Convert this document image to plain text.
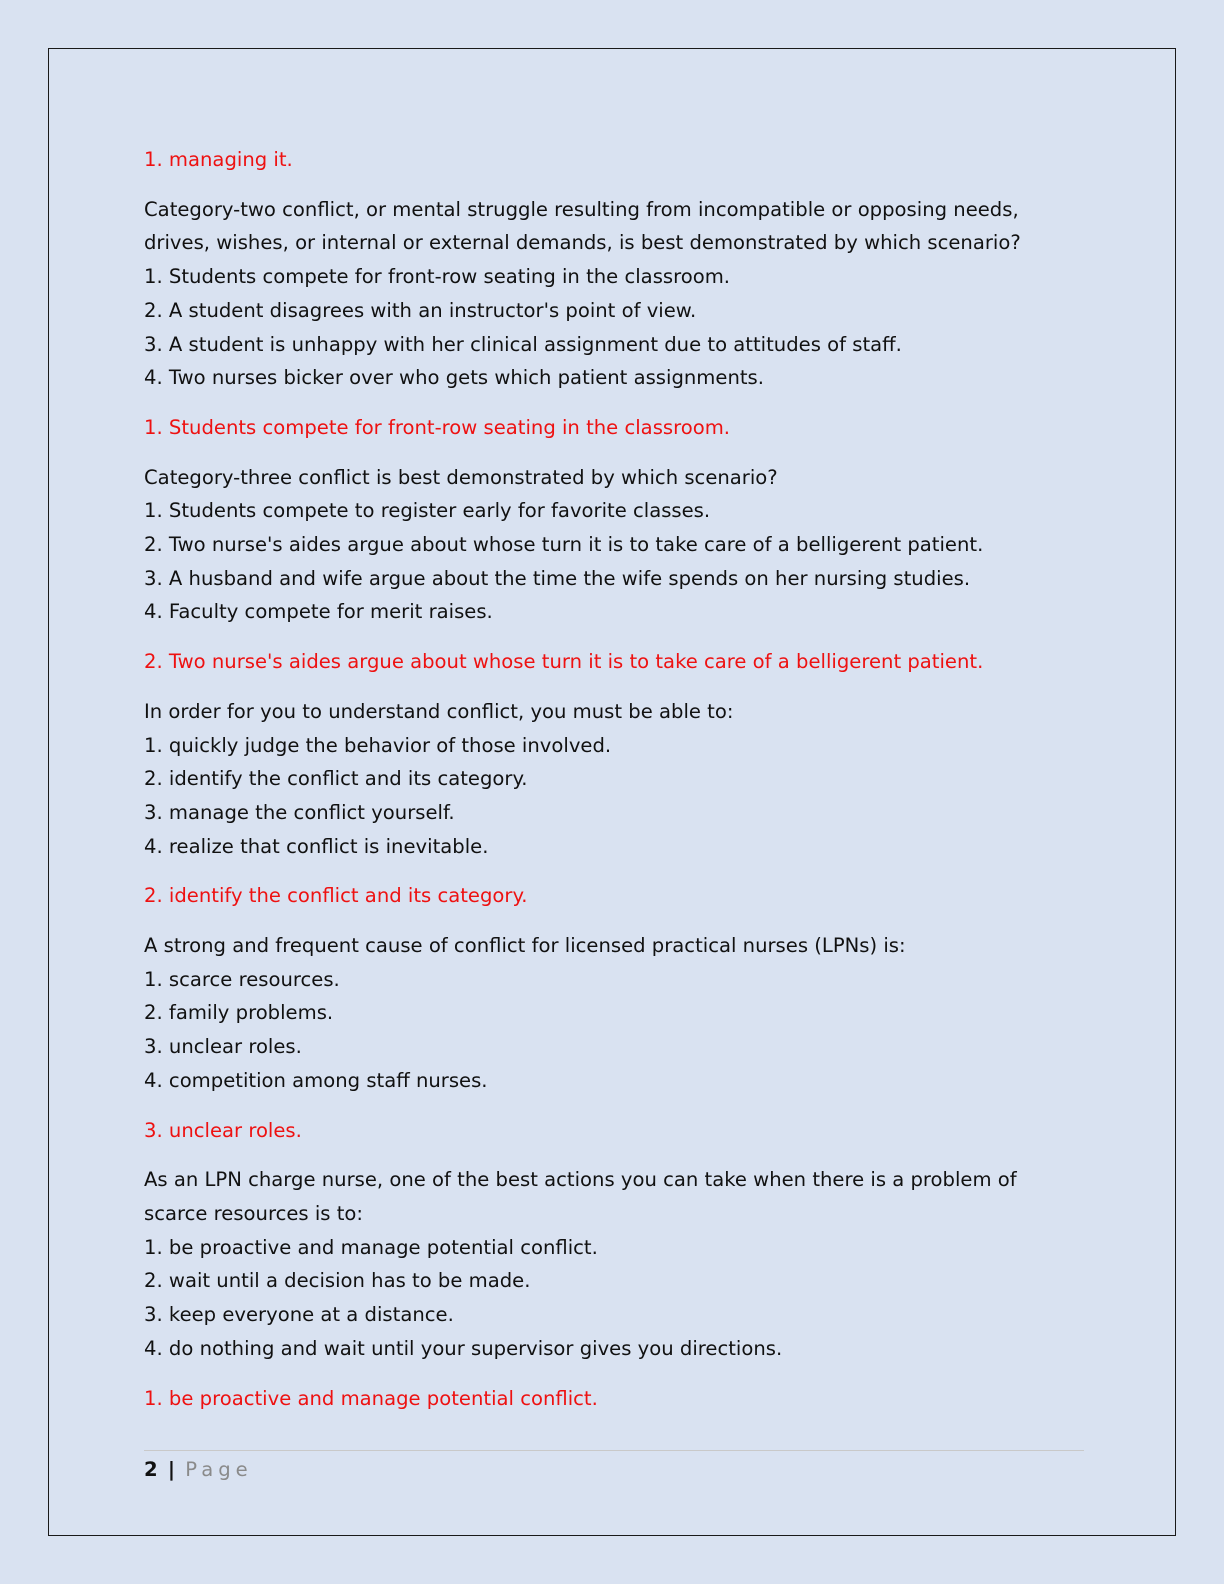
1. managing it.

Category-two conflict, or mental struggle resulting from incompatible or opposing needs, drives, wishes, or internal or external demands, is best demonstrated by which scenario?

1. Students compete for front-row seating in the classroom.

2. A student disagrees with an instructor's point of view.

3. A student is unhappy with her clinical assignment due to attitudes of staff.

4. Two nurses bicker over who gets which patient assignments.

1. Students compete for front-row seating in the classroom.

Category-three conflict is best demonstrated by which scenario?

1. Students compete to register early for favorite classes.

2. Two nurse's aides argue about whose turn it is to take care of a belligerent patient.

3. A husband and wife argue about the time the wife spends on her nursing studies.

4. Faculty compete for merit raises.

2. Two nurse's aides argue about whose turn it is to take care of a belligerent patient.

In order for you to understand conflict, you must be able to:

1. quickly judge the behavior of those involved.

2. identify the conflict and its category.

3. manage the conflict yourself.

4. realize that conflict is inevitable.

2. identify the conflict and its category.

A strong and frequent cause of conflict for licensed practical nurses (LPNs) is:

1. scarce resources.

2. family problems.

3. unclear roles.

4. competition among staff nurses.

3. unclear roles.

As an LPN charge nurse, one of the best actions you can take when there is a problem of scarce resources is to:

1. be proactive and manage potential conflict.

2. wait until a decision has to be made.

3. keep everyone at a distance.

4. do nothing and wait until your supervisor gives you directions.

1. be proactive and manage potential conflict.

2 | Page
